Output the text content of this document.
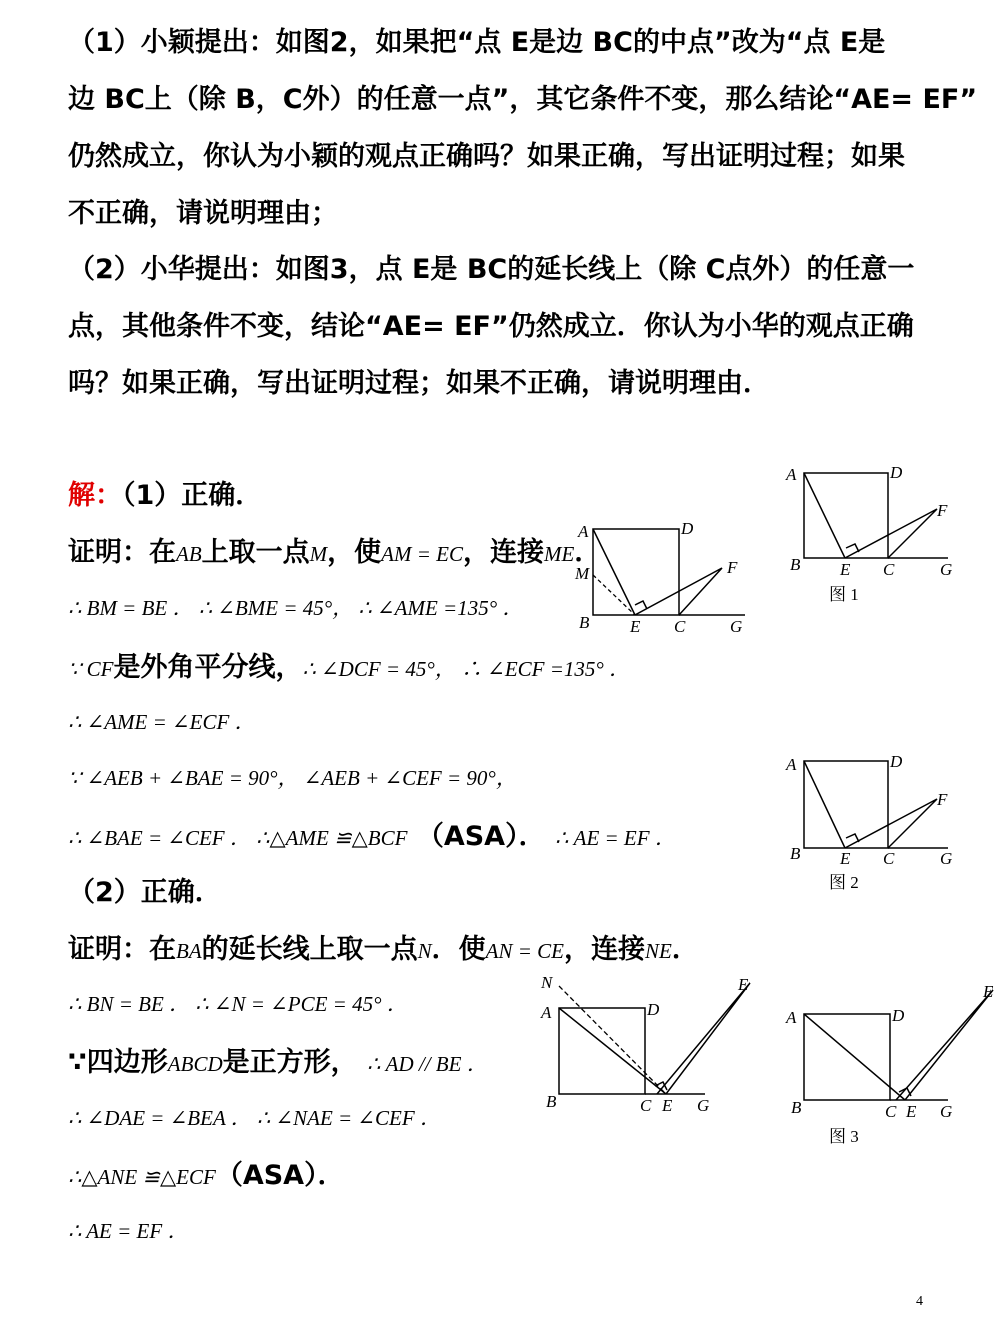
（1）小颖提出：如图2，如果把“点 E是边 BC的中点”改为“点 E是
边 BC上（除 B，C外）的任意一点”，其它条件不变，那么结论“AE= EF”
仍然成立，你认为小颖的观点正确吗？如果正确，写出证明过程；如果
不正确，请说明理由；
（2）小华提出：如图3，点 E是 BC的延长线上（除 C点外）的任意一
点，其他条件不变，结论“AE= EF”仍然成立．你认为小华的观点正确
吗？如果正确，写出证明过程；如果不正确，请说明理由．
解：（1）正确．
证明：在AB上取一点M，使AM = EC，连接ME．
∴ BM = BE ． ∴ ∠BME = 45°， ∴ ∠AME =135° ．
∵ CF是外角平分线，∴ ∠DCF = 45°， ∴ ∠ECF =135° ．
∴ ∠AME = ∠ECF ．
∵ ∠AEB + ∠BAE = 90°， ∠AEB + ∠CEF = 90°，
∴ ∠BAE = ∠CEF ． ∴△AME ≌△BCF （ASA）． ∴ AE = EF ．
（2）正确．
证明：在BA的延长线上取一点N．使AN = CE，连接NE．
∴ BN = BE ． ∴ ∠N = ∠PCE = 45° ．
∵四边形ABCD是正方形， ∴ AD // BE ．
∴ ∠DAE = ∠BEA ． ∴ ∠NAE = ∠CEF ．
∴△ANE ≌△ECF（ASA）．
∴ AE = EF ．
A	D
B E C	G
F
图 1
A	D
M
B E C	G
F
A	D
B E C	G
F
图 2
N
A	D
B	C E G
E
A	D
B	C E G
E
图 3
4
